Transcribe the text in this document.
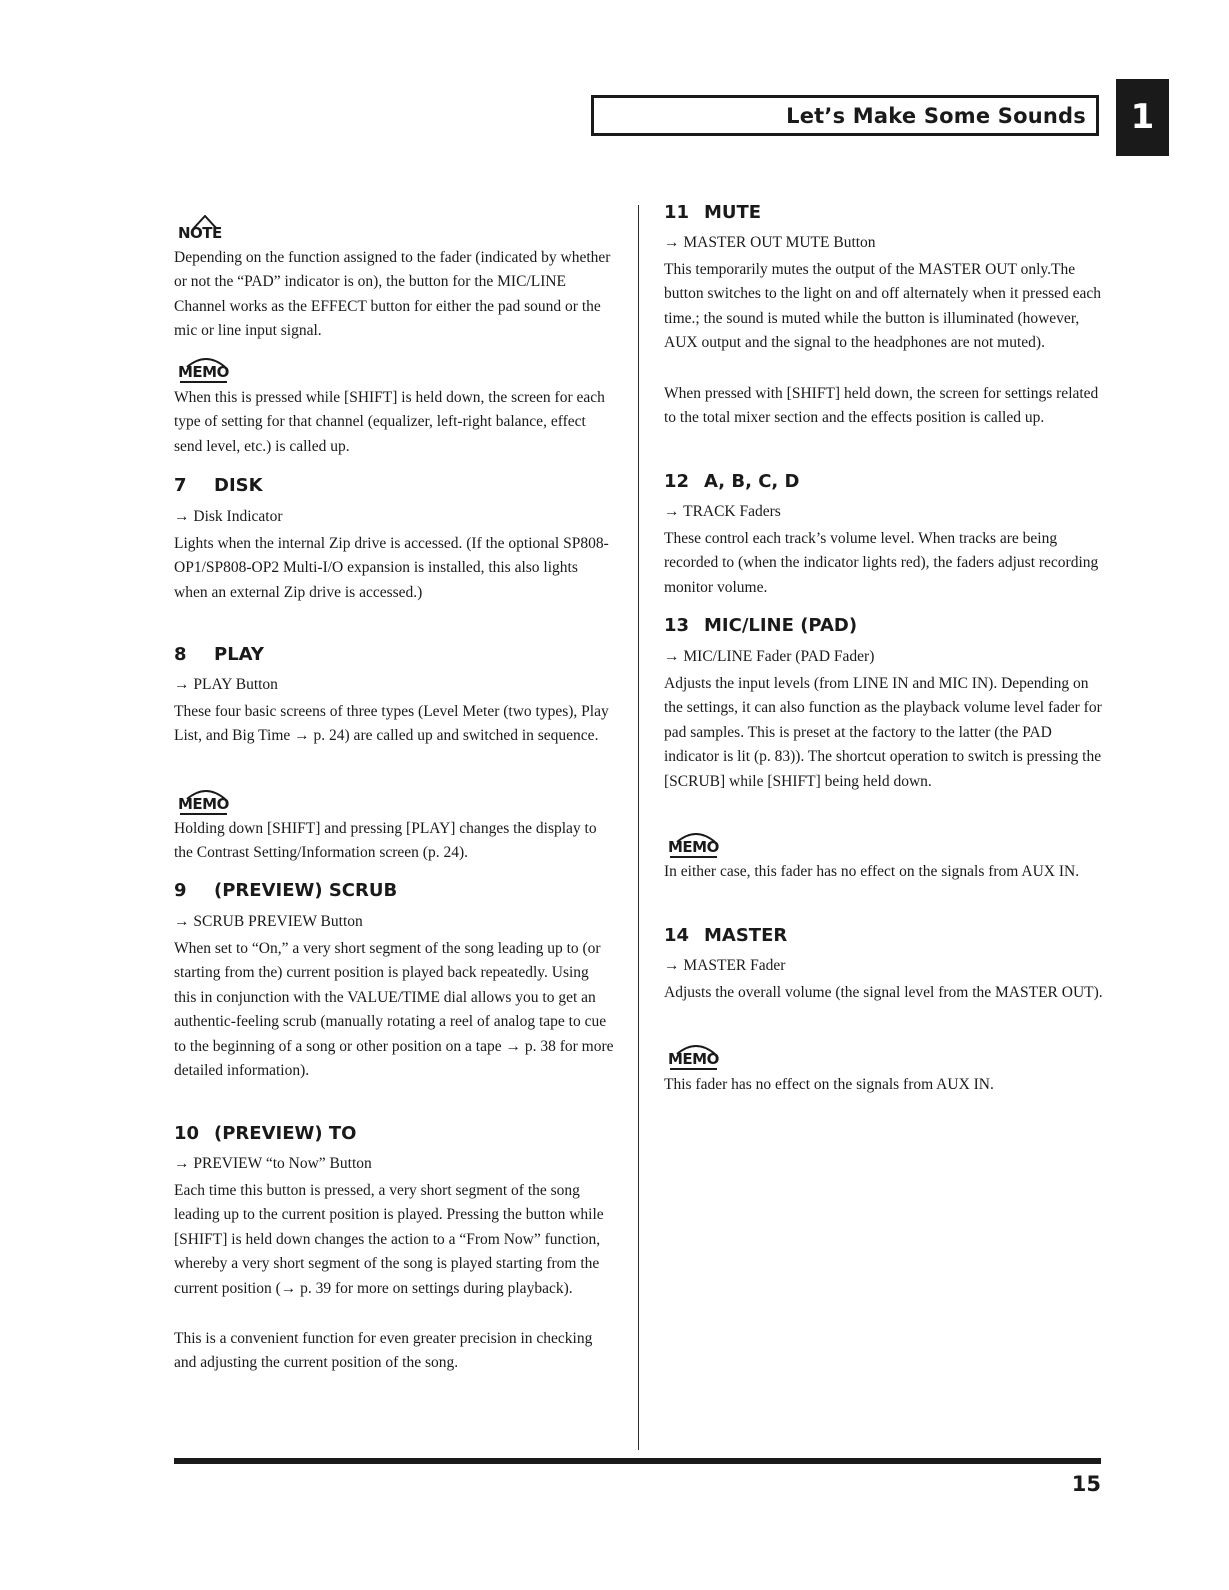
Let’s Make Some Sounds	1
NOTE

Depending on the function assigned to the fader (indicated by whether or not the “PAD” indicator is on), the button for the MIC/LINE Channel works as the EFFECT button for either the pad sound or the mic or line input signal.

MEMO

When this is pressed while [SHIFT] is held down, the screen for each type of setting for that channel (equalizer, left-right balance, effect send level, etc.) is called up.

7 DISK

→ Disk Indicator

Lights when the internal Zip drive is accessed. (If the optional SP808-OP1/SP808-OP2 Multi-I/O expansion is installed, this also lights when an external Zip drive is accessed.)

8 PLAY

→ PLAY Button

These four basic screens of three types (Level Meter (two types), Play List, and Big Time → p. 24) are called up and switched in sequence.

MEMO

Holding down [SHIFT] and pressing [PLAY] changes the display to the Contrast Setting/Information screen (p. 24).

9 (PREVIEW) SCRUB

→ SCRUB PREVIEW Button

When set to “On,” a very short segment of the song leading up to (or starting from the) current position is played back repeatedly. Using this in conjunction with the VALUE/TIME dial allows you to get an authentic-feeling scrub (manually rotating a reel of analog tape to cue to the beginning of a song or other position on a tape → p. 38 for more detailed information).

10 (PREVIEW) TO

→ PREVIEW “to Now” Button

Each time this button is pressed, a very short segment of the song leading up to the current position is played. Pressing the button while [SHIFT] is held down changes the action to a “From Now” function, whereby a very short segment of the song is played starting from the current position (→ p. 39 for more on settings during playback).

This is a convenient function for even greater precision in checking and adjusting the current position of the song.

11 MUTE

→ MASTER OUT MUTE Button

This temporarily mutes the output of the MASTER OUT only.The button switches to the light on and off alternately when it pressed each time.; the sound is muted while the button is illuminated (however, AUX output and the signal to the headphones are not muted).

When pressed with [SHIFT] held down, the screen for settings related to the total mixer section and the effects position is called up.

12 A, B, C, D

→ TRACK Faders

These control each track’s volume level. When tracks are being recorded to (when the indicator lights red), the faders adjust recording monitor volume.

13 MIC/LINE (PAD)

→ MIC/LINE Fader (PAD Fader)

Adjusts the input levels (from LINE IN and MIC IN). Depending on the settings, it can also function as the playback volume level fader for pad samples. This is preset at the factory to the latter (the PAD indicator is lit (p. 83)). The shortcut operation to switch is pressing the [SCRUB] while [SHIFT] being held down.

MEMO

In either case, this fader has no effect on the signals from AUX IN.

14 MASTER

→ MASTER Fader

Adjusts the overall volume (the signal level from the MASTER OUT).

MEMO

This fader has no effect on the signals from AUX IN.

15
